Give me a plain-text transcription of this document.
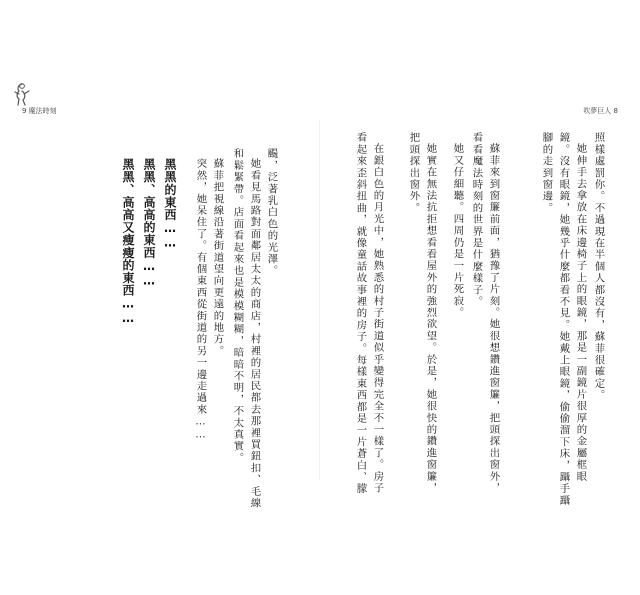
9 魔法時刻	吹夢巨人 8
颺，泛著乳白色的光澤。
她看見馬路對面鄰居太太的商店，村裡的居民都去那裡買鈕扣、毛線
和鬆緊帶。店面看起來也是模模糊糊，暗暗不明，不太真實。
蘇菲把視線沿著街道望向更遠的地方。
突然，她呆住了。有個東西從街道的另一邊走過來……
黑黑的東西……
黑黑、高高的東西……
黑黑、高高又瘦瘦的東西……	照樣處罰你。不過現在半個人都沒有，蘇菲很確定。
她伸手去拿放在床邊椅子上的眼鏡，那是一副鏡片很厚的金屬框眼
鏡。沒有眼鏡，她幾乎什麼都看不見。她戴上眼鏡，偷偷溜下床，躡手躡
腳的走到窗邊。
蘇菲來到窗簾前面，猶豫了片刻。她很想鑽進窗簾，把頭探出窗外，
看看魔法時刻的世界是什麼樣子。
她又仔細聽。四周仍是一片死寂。
她實在無法抗拒想看看屋外的強烈欲望。於是，她很快的鑽進窗簾，
把頭探出窗外。
在銀白色的月光中，她熟悉的村子街道似乎變得完全不一樣了。房子
看起來歪斜扭曲，就像童話故事裡的房子。每樣東西都是一片蒼白、朦
